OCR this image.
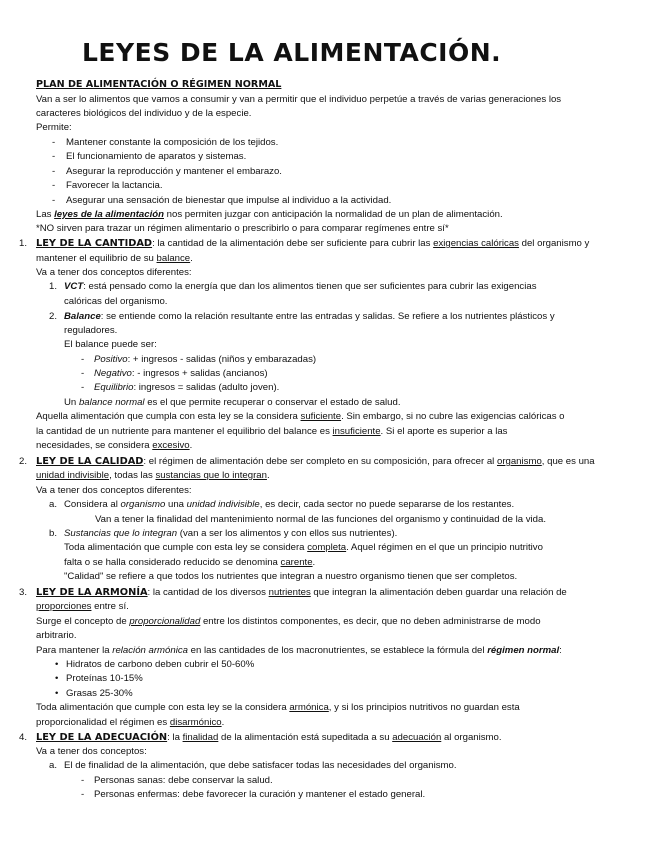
LEYES DE LA ALIMENTACIÓN.
PLAN DE ALIMENTACIÓN O RÉGIMEN NORMAL
Van a ser lo alimentos que vamos a consumir y van a permitir que el individuo perpetúe a través de varias generaciones los
caracteres biológicos del individuo y de la especie.
Permite:
- Mantener constante la composición de los tejidos.
- El funcionamiento de aparatos y sistemas.
- Asegurar la reproducción y mantener el embarazo.
- Favorecer la lactancia.
- Asegurar una sensación de bienestar que impulse al individuo a la actividad.
Las leyes de la alimentación nos permiten juzgar con anticipación la normalidad de un plan de alimentación.
*NO sirven para trazar un régimen alimentario o prescribirlo o para comparar regímenes entre sí*
1. LEY DE LA CANTIDAD: la cantidad de la alimentación debe ser suficiente para cubrir las exigencias calóricas del organismo y
mantener el equilibrio de su balance.
Va a tener dos conceptos diferentes:
1. VCT: está pensado como la energía que dan los alimentos tienen que ser suficientes para cubrir las exigencias
calóricas del organismo.
2. Balance: se entiende como la relación resultante entre las entradas y salidas. Se refiere a los nutrientes plásticos y
reguladores.
El balance puede ser:
- Positivo: + ingresos - salidas (niños y embarazadas)
- Negativo: - ingresos + salidas (ancianos)
- Equilibrio: ingresos = salidas (adulto joven).
Un balance normal es el que permite recuperar o conservar el estado de salud.
Aquella alimentación que cumpla con esta ley se la considera suficiente. Sin embargo, si no cubre las exigencias calóricas o
la cantidad de un nutriente para mantener el equilibrio del balance es insuficiente. Si el aporte es superior a las
necesidades, se considera excesivo.
2. LEY DE LA CALIDAD: el régimen de alimentación debe ser completo en su composición, para ofrecer al organismo, que es una
unidad indivisible, todas las sustancias que lo integran.
Va a tener dos conceptos diferentes:
a. Considera al organismo una unidad indivisible, es decir, cada sector no puede separarse de los restantes.
Van a tener la finalidad del mantenimiento normal de las funciones del organismo y continuidad de la vida.
b. Sustancias que lo integran (van a ser los alimentos y con ellos sus nutrientes).
Toda alimentación que cumple con esta ley se considera completa. Aquel régimen en el que un principio nutritivo
falta o se halla considerado reducido se denomina carente.
"Calidad" se refiere a que todos los nutrientes que integran a nuestro organismo tienen que ser completos.
3. LEY DE LA ARMONÍA: la cantidad de los diversos nutrientes que integran la alimentación deben guardar una relación de
proporciones entre sí.
Surge el concepto de proporcionalidad entre los distintos componentes, es decir, que no deben administrarse de modo
arbitrario.
Para mantener la relación armónica en las cantidades de los macronutrientes, se establece la fórmula del régimen normal:
• Hidratos de carbono deben cubrir el 50-60%
• Proteínas 10-15%
• Grasas 25-30%
Toda alimentación que cumple con esta ley se la considera armónica, y si los principios nutritivos no guardan esta
proporcionalidad el régimen es disarmónico.
4. LEY DE LA ADECUACIÓN: la finalidad de la alimentación está supeditada a su adecuación al organismo.
Va a tener dos conceptos:
a. El de finalidad de la alimentación, que debe satisfacer todas las necesidades del organismo.
- Personas sanas: debe conservar la salud.
- Personas enfermas: debe favorecer la curación y mantener el estado general.
